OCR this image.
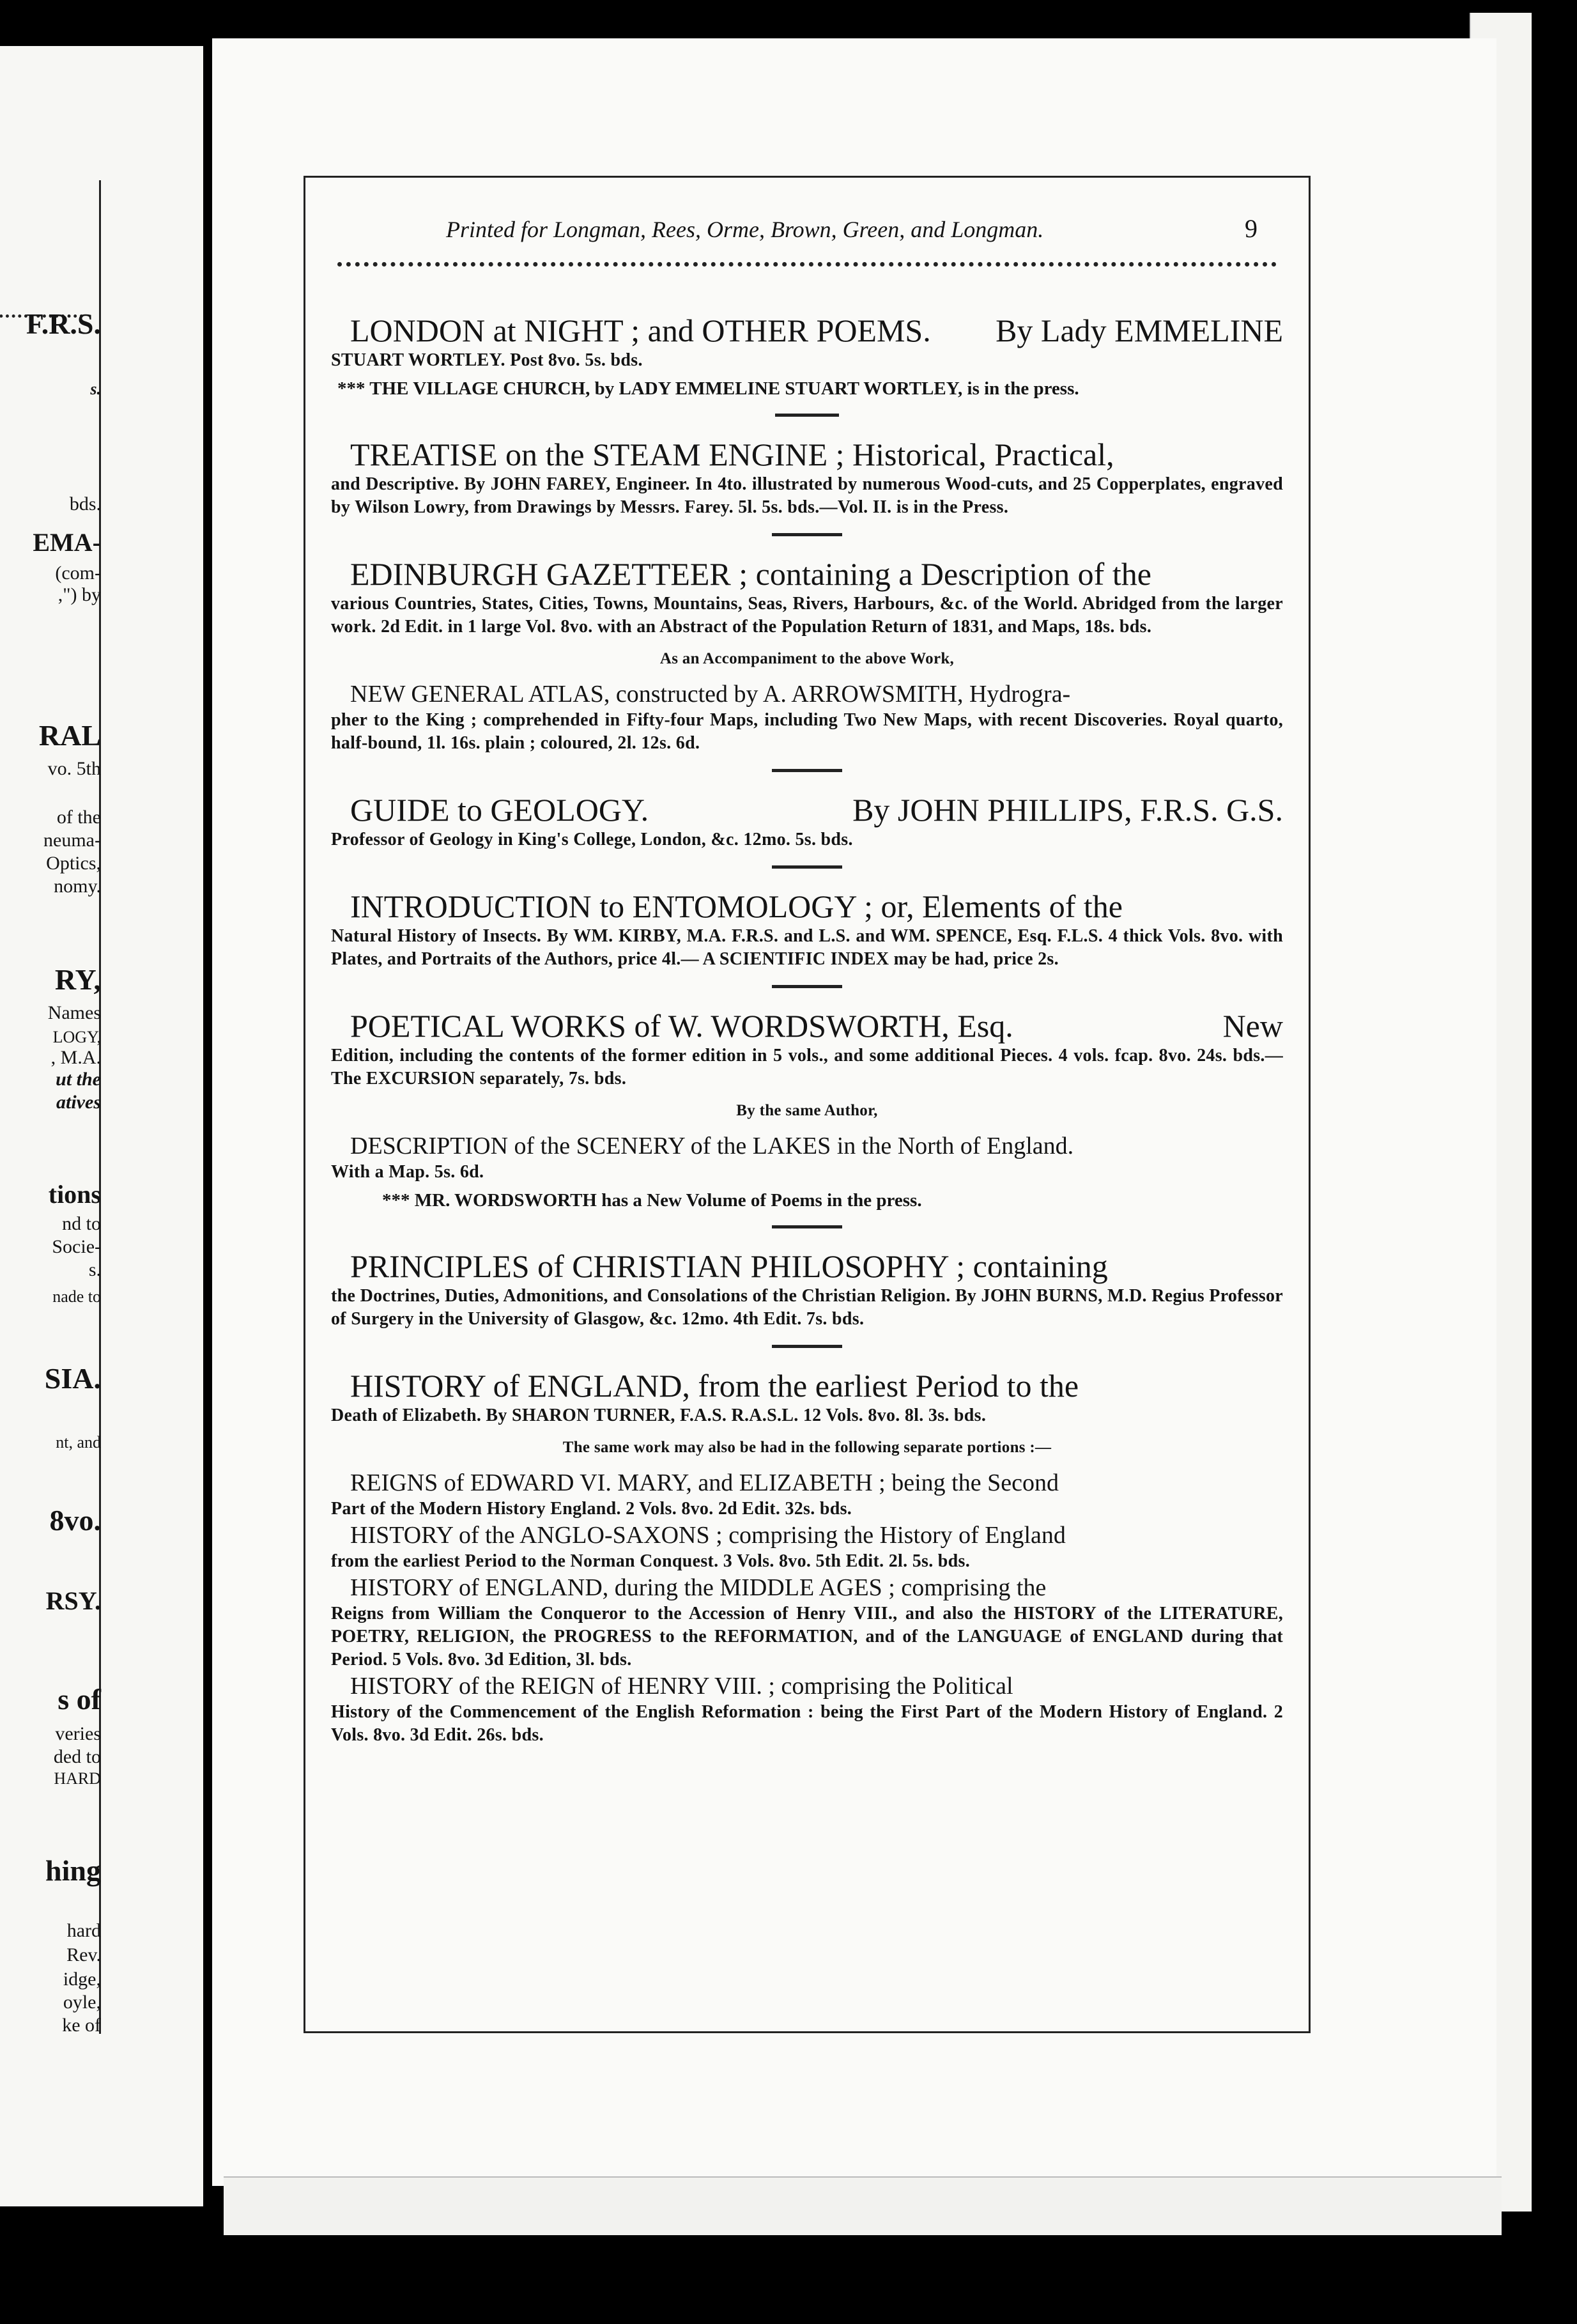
F.R.S.
s.
bds.
EMA-
(com-
,") by
RAL
vo. 5th
of the
neuma-
Optics,
nomy.
RY,
Names
LOGY,
, M.A.
ut the
atives
tions
nd to
Socie-
s.
nade to
SIA.
nt, and
8vo.
RSY.
s of
veries
ded to
HARD
hing
hard
Rev.
idge,
oyle,
ke of
Printed for Longman, Rees, Orme, Brown, Green, and Longman.	9
LONDON at NIGHT ; and OTHER POEMS. By Lady EMMELINE
STUART WORTLEY. Post 8vo. 5s. bds.
*** THE VILLAGE CHURCH, by LADY EMMELINE STUART WORTLEY, is in the press.
TREATISE on the STEAM ENGINE ; Historical, Practical,
and Descriptive. By JOHN FAREY, Engineer. In 4to. illustrated by numerous Wood-cuts, and 25 Copperplates, engraved by Wilson Lowry, from Drawings by Messrs. Farey. 5l. 5s. bds.—Vol. II. is in the Press.
EDINBURGH GAZETTEER ; containing a Description of the
various Countries, States, Cities, Towns, Mountains, Seas, Rivers, Harbours, &c. of the World. Abridged from the larger work. 2d Edit. in 1 large Vol. 8vo. with an Abstract of the Population Return of 1831, and Maps, 18s. bds.
As an Accompaniment to the above Work,
NEW GENERAL ATLAS, constructed by A. ARROWSMITH, Hydrogra-
pher to the King ; comprehended in Fifty-four Maps, including Two New Maps, with recent Discoveries. Royal quarto, half-bound, 1l. 16s. plain ; coloured, 2l. 12s. 6d.
GUIDE to GEOLOGY.	By JOHN PHILLIPS, F.R.S. G.S.
Professor of Geology in King's College, London, &c. 12mo. 5s. bds.
INTRODUCTION to ENTOMOLOGY ; or, Elements of the
Natural History of Insects. By WM. KIRBY, M.A. F.R.S. and L.S. and WM. SPENCE, Esq. F.L.S. 4 thick Vols. 8vo. with Plates, and Portraits of the Authors, price 4l.— A SCIENTIFIC INDEX may be had, price 2s.
POETICAL WORKS of W. WORDSWORTH, Esq.	New
Edition, including the contents of the former edition in 5 vols., and some additional Pieces. 4 vols. fcap. 8vo. 24s. bds.—The EXCURSION separately, 7s. bds.
By the same Author,
DESCRIPTION of the SCENERY of the LAKES in the North of England.
With a Map. 5s. 6d.
*** MR. WORDSWORTH has a New Volume of Poems in the press.
PRINCIPLES of CHRISTIAN PHILOSOPHY ; containing
the Doctrines, Duties, Admonitions, and Consolations of the Christian Religion. By JOHN BURNS, M.D. Regius Professor of Surgery in the University of Glasgow, &c. 12mo. 4th Edit. 7s. bds.
HISTORY of ENGLAND, from the earliest Period to the
Death of Elizabeth. By SHARON TURNER, F.A.S. R.A.S.L. 12 Vols. 8vo. 8l. 3s. bds.
The same work may also be had in the following separate portions :—
REIGNS of EDWARD VI. MARY, and ELIZABETH ; being the Second
Part of the Modern History England. 2 Vols. 8vo. 2d Edit. 32s. bds.
HISTORY of the ANGLO-SAXONS ; comprising the History of England
from the earliest Period to the Norman Conquest. 3 Vols. 8vo. 5th Edit. 2l. 5s. bds.
HISTORY of ENGLAND, during the MIDDLE AGES ; comprising the
Reigns from William the Conqueror to the Accession of Henry VIII., and also the HISTORY of the LITERATURE, POETRY, RELIGION, the PROGRESS to the REFORMATION, and of the LANGUAGE of ENGLAND during that Period. 5 Vols. 8vo. 3d Edition, 3l. bds.
HISTORY of the REIGN of HENRY VIII. ; comprising the Political
History of the Commencement of the English Reformation : being the First Part of the Modern History of England. 2 Vols. 8vo. 3d Edit. 26s. bds.
